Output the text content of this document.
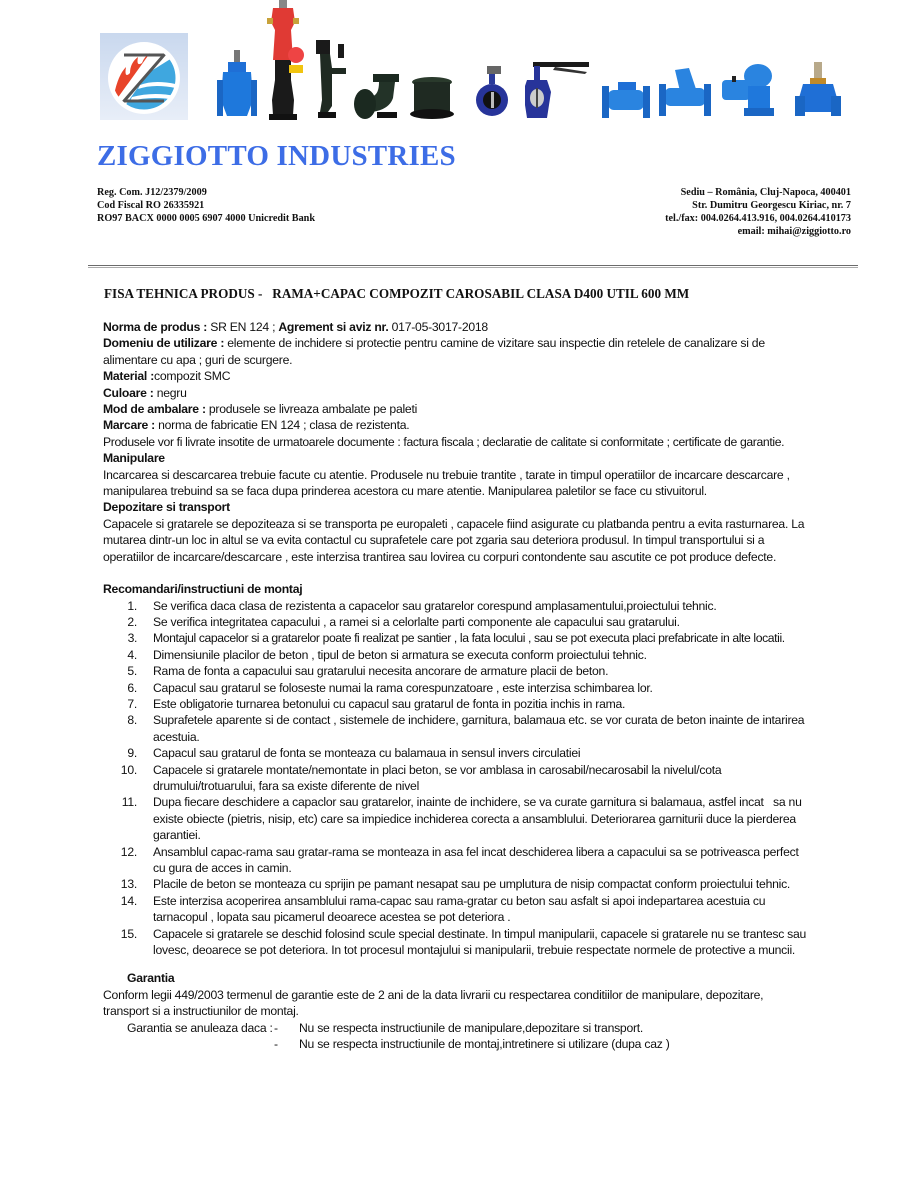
ZIGGIOTTO INDUSTRIES
Reg. Com. J12/2379/2009
Cod Fiscal RO 26335921
RO97 BACX 0000 0005 6907 4000 Unicredit Bank
Sediu – România, Cluj-Napoca, 400401
Str. Dumitru Georgescu Kiriac, nr. 7
tel./fax: 004.0264.413.916, 004.0264.410173
email: mihai@ziggiotto.ro
FISA TEHNICA PRODUS -   RAMA+CAPAC COMPOZIT CAROSABIL CLASA D400 UTIL 600 MM

Norma de produs : SR EN 124 ; Agrement si aviz nr. 017-05-3017-2018

Domeniu de utilizare : elemente de inchidere si protectie pentru camine de vizitare sau inspectie din retelele de canalizare si de alimentare cu apa ; guri de scurgere.

Material :compozit SMC

Culoare : negru

Mod de ambalare : produsele se livreaza ambalate pe paleti

Marcare : norma de fabricatie EN 124 ; clasa de rezistenta.

Produsele vor fi livrate insotite de urmatoarele documente : factura fiscala ; declaratie de calitate si conformitate ; certificate de garantie.

Manipulare

Incarcarea si descarcarea trebuie facute cu atentie. Produsele nu trebuie trantite , tarate in timpul operatiilor de incarcare descarcare , manipularea trebuind sa se faca dupa prinderea acestora cu mare atentie. Manipularea paletilor se face cu stivuitorul.

Depozitare si transport

Capacele si gratarele se depoziteaza si se transporta pe europaleti , capacele fiind asigurate cu platbanda pentru a evita rasturnarea. La mutarea dintr-un loc in altul se va evita contactul cu suprafetele care pot zgaria sau deteriora produsul. In timpul transportului si a operatiilor de incarcare/descarcare , este interzisa trantirea sau lovirea cu corpuri contondente sau ascutite ce pot produce defecte.

Recomandari/instructiuni de montaj

1. Se verifica daca clasa de rezistenta a capacelor sau gratarelor corespund amplasamentului,proiectului tehnic.
2. Se verifica integritatea capacului , a ramei si a celorlalte parti componente ale capacului sau gratarului.
3. Montajul capacelor si a gratarelor poate fi realizat pe santier , la fata locului , sau se pot executa placi prefabricate in alte locatii.
4. Dimensiunile placilor de beton , tipul de beton si armatura se executa conform proiectului tehnic.
5. Rama de fonta a capacului sau gratarului necesita ancorare de armature placii de beton.
6. Capacul sau gratarul se foloseste numai la rama corespunzatoare , este interzisa schimbarea lor.
7. Este obligatorie turnarea betonului cu capacul sau gratarul de fonta in pozitia inchis in rama.
8. Suprafetele aparente si de contact , sistemele de inchidere, garnitura, balamaua etc. se vor curata de beton inainte de intarirea acestuia.
9. Capacul sau gratarul de fonta se monteaza cu balamaua in sensul invers circulatiei
10. Capacele si gratarele montate/nemontate in placi beton, se vor amblasa in carosabil/necarosabil la nivelul/cota drumului/trotuarului, fara sa existe diferente de nivel
11. Dupa fiecare deschidere a capaclor sau gratarelor, inainte de inchidere, se va curate garnitura si balamaua, astfel incat   sa nu existe obiecte (pietris, nisip, etc) care sa impiedice inchiderea corecta a ansamblului. Deteriorarea garniturii duce la pierderea garantiei.
12. Ansamblul capac-rama sau gratar-rama se monteaza in asa fel incat deschiderea libera a capacului sa se potriveasca perfect cu gura de acces in camin.
13. Placile de beton se monteaza cu sprijin pe pamant nesapat sau pe umplutura de nisip compactat conform proiectului tehnic.
14. Este interzisa acoperirea ansamblului rama-capac sau rama-gratar cu beton sau asfalt si apoi indepartarea acestuia cu tarnacopul , lopata sau picamerul deoarece acestea se pot deteriora .
15. Capacele si gratarele se deschid folosind scule special destinate. In timpul manipularii, capacele si gratarele nu se trantesc sau lovesc, deoarece se pot deteriora. In tot procesul montajului si manipularii, trebuie respectate normele de protective a muncii.

Garantia

Conform legii 449/2003 termenul de garantie este de 2 ani de la data livrarii cu respectarea conditiilor de manipulare, depozitare, transport si a instructiunilor de montaj.

Garantia se anuleaza daca : -	Nu se respecta instructiunile de manipulare,depozitare si transport.
-	Nu se respecta instructiunile de montaj,intretinere si utilizare (dupa caz )
